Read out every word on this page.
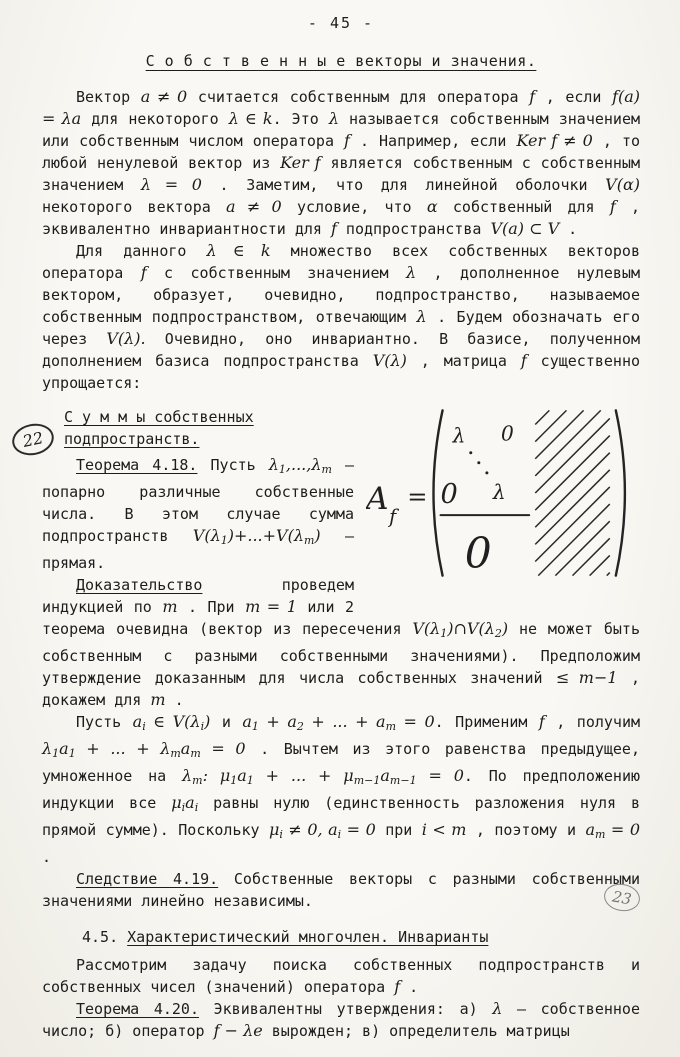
- 45 -
С о б с т в е н н ы е векторы и значения.

Вектор a ≠ 0 считается собственным для оператора f , если f(a) = λa для некоторого λ ∈ k. Это λ называется собственным значением или собственным числом оператора f . Например, если Ker f ≠ 0 , то любой ненулевой вектор из Ker f является собственным с собственным значением λ = 0 . Заметим, что для линейной оболочки V(α) некоторого вектора a ≠ 0 условие, что α собственный для f , эквивалентно инвариантности для f подпространства V(a) ⊂ V .

Для данного λ ∈ k множество всех собственных векторов оператора f с собственным значением λ , дополненное нулевым вектором, образует, очевидно, подпространство, называемое собственным подпространством, отвечающим λ . Будем обозначать его через V(λ). Очевидно, оно инвариантно. В базисе, полученном дополнением базиса подпространства V(λ) , матрица f существенно упрощается:

A f
=
λ
λ
0
0
0

С у м м ы собственных подпространств.

Теорема 4.18. Пусть $\lambda_1,...,\lambda_m$ — попарно различные собственные числа. В этом случае сумма подпространств $V(\lambda_1)+...+V(\lambda_m)$ — прямая.

Доказательство проведем индукцией по m . При m = 1 или 2 теорема очевидна (вектор из пересечения $V(\lambda_1)\cap V(\lambda_2)$ не может быть собственным с разными собственными значениями). Предположим утверждение доказанным для числа собственных значений ≤ m−1 , докажем для m .

Пусть $a_i$ ∈ $V(\lambda_i)$ и $a_1 + a_2$ + ... + $a_m = 0$. Применим f , получим $\lambda_1a_1$ + ... + $\lambda_ma_m = 0$ . Вычтем из этого равенства предыдущее, умноженное на $\lambda_m$: $\mu_1a_1$ + ... + $\mu_{m-1}a_{m-1} = 0$. По предположению индукции все $\mu_ia_i$ равны нулю (единственность разложения нуля в прямой сумме). Поскольку $\mu_i \ne 0$, $a_i = 0$ при i < m , поэтому и $a_m = 0$ .

Следствие 4.19. Собственные векторы с разными собственными значениями линейно независимы.

4.5. Характеристический многочлен. Инварианты

Рассмотрим задачу поиска собственных подпространств и собственных чисел (значений) оператора f .

Теорема 4.20. Эквивалентны утверждения: а) λ — собственное число; б) оператор f − λe вырожден; в) определитель матрицы

22
23
